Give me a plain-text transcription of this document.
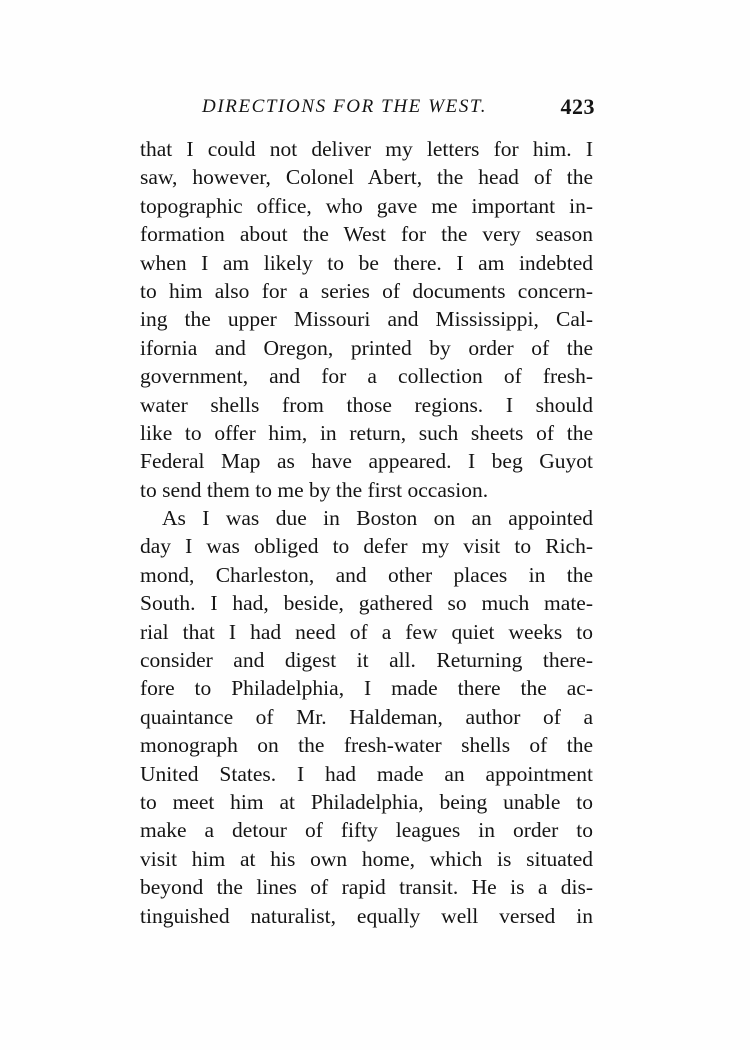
DIRECTIONS FOR THE WEST.	423
that I could not deliver my letters for him. I
saw, however, Colonel Abert, the head of the
topographic office, who gave me important in-
formation about the West for the very season
when I am likely to be there. I am indebted
to him also for a series of documents concern-
ing the upper Missouri and Mississippi, Cal-
ifornia and Oregon, printed by order of the
government, and for a collection of fresh-
water shells from those regions. I should
like to offer him, in return, such sheets of the
Federal Map as have appeared. I beg Guyot
to send them to me by the first occasion.
As I was due in Boston on an appointed
day I was obliged to defer my visit to Rich-
mond, Charleston, and other places in the
South. I had, beside, gathered so much mate-
rial that I had need of a few quiet weeks to
consider and digest it all. Returning there-
fore to Philadelphia, I made there the ac-
quaintance of Mr. Haldeman, author of a
monograph on the fresh-water shells of the
United States. I had made an appointment
to meet him at Philadelphia, being unable to
make a detour of fifty leagues in order to
visit him at his own home, which is situated
beyond the lines of rapid transit. He is a dis-
tinguished naturalist, equally well versed in
